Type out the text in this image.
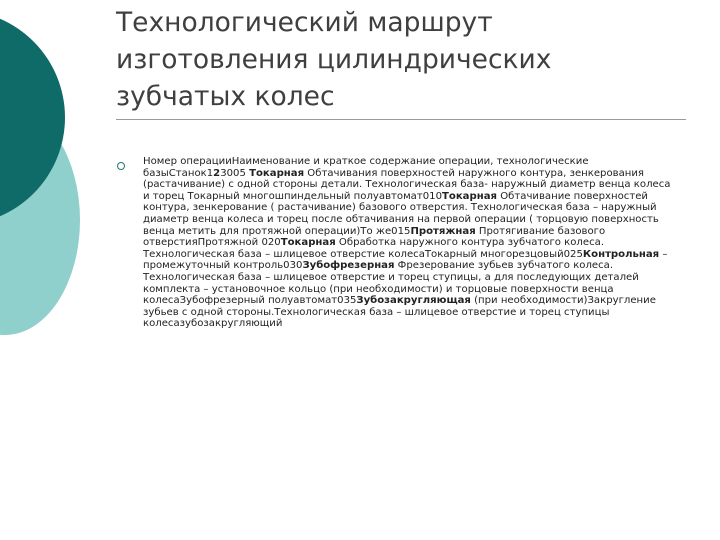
Технологический маршрут
изготовления цилиндрических
зубчатых колес

Номер операцииНаименование и краткое содержание операции, технологические базыСтанок123005 Токарная Обтачивания поверхностей наружного контура, зенкерования (растачивание) с одной стороны детали. Технологическая база- наружный диаметр венца колеса и торец Токарный многошпиндельный полуавтомат010Токарная Обтачивание поверхностей контура, зенкерование ( растачивание) базового отверстия. Технологическая база – наружный диаметр венца колеса и торец после обтачивания на первой операции ( торцовую поверхность венца метить для протяжной операции)То же015Протяжная Протягивание базового отверстияПротяжной 020Токарная Обработка наружного контура зубчатого колеса. Технологическая база – шлицевое отверстие колесаТокарный многорезцовый025Контрольная – промежуточный контроль030Зубофрезерная Фрезерование зубьев зубчатого колеса. Технологическая база – шлицевое отверстие и торец ступицы, а для последующих деталей комплекта – установочное кольцо (при необходимости) и торцовые поверхности венца колесаЗубофрезерный полуавтомат035Зубозакругляющая (при необходимости)Закругление зубьев с одной стороны.Технологическая база – шлицевое отверстие и торец ступицы колесазубозакругляющий
